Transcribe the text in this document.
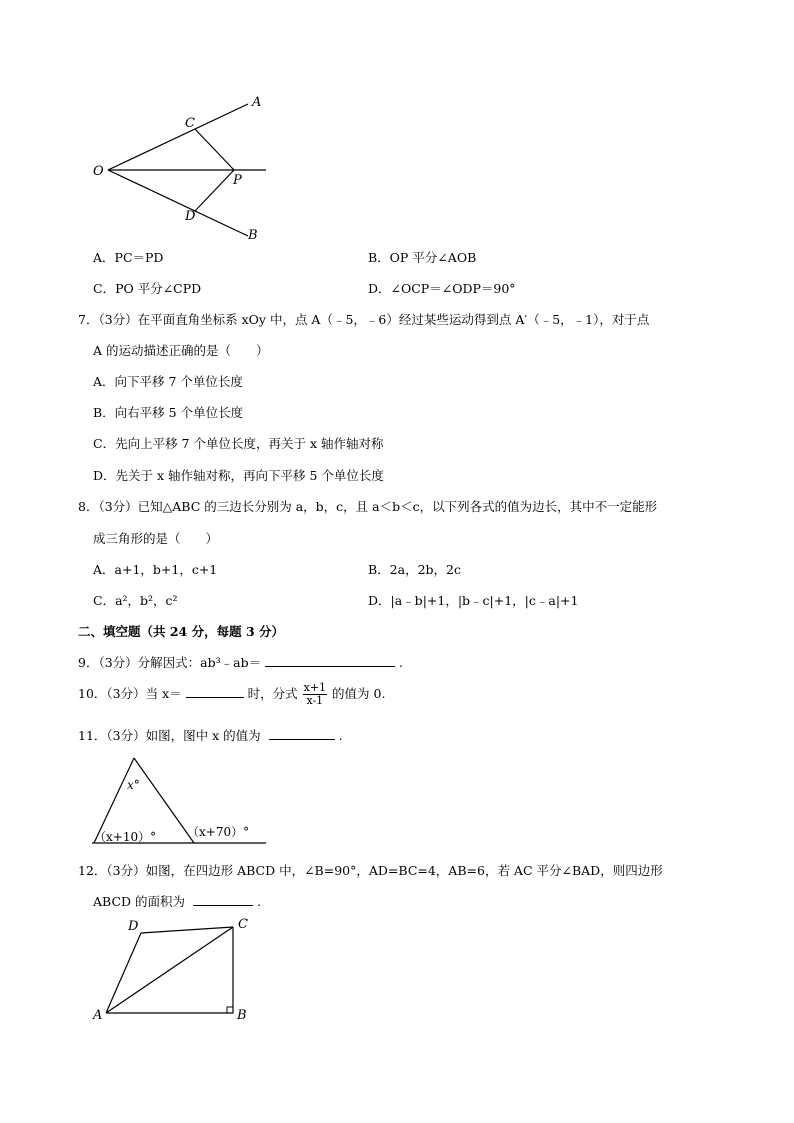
A
C
O
P
D
B
A．PC＝PD	B．OP 平分∠AOB
C．PO 平分∠CPD	D．∠OCP＝∠ODP＝90°
7．（3分）在平面直角坐标系 xOy 中，点 A（﹣5，﹣6）经过某些运动得到点 A′（﹣5，﹣1），对于点
A 的运动描述正确的是（　　）
A．向下平移 7 个单位长度
B．向右平移 5 个单位长度
C．先向上平移 7 个单位长度，再关于 x 轴作轴对称
D．先关于 x 轴作轴对称，再向下平移 5 个单位长度
8．（3分）已知△ABC 的三边长分别为 a，b，c，且 a＜b＜c，以下列各式的值为边长，其中不一定能形
成三角形的是（　　）
A．a+1，b+1，c+1	B．2a，2b，2c
C．a²，b²，c²	D．|a﹣b|+1，|b﹣c|+1，|c﹣a|+1
二、填空题（共 24 分，每题 3 分）
9．（3分）分解因式：ab³﹣ab＝	.
10．（3分）当 x＝	时，分式 $\frac{x+1}{x-1}$ 的值为 0.
11．（3分）如图，图中 x 的值为	.
x°
（x+10）°	（x+70）°
12．（3分）如图，在四边形 ABCD 中，∠B=90°，AD=BC=4，AB=6，若 AC 平分∠BAD，则四边形
ABCD 的面积为	.
A	B
C
D
